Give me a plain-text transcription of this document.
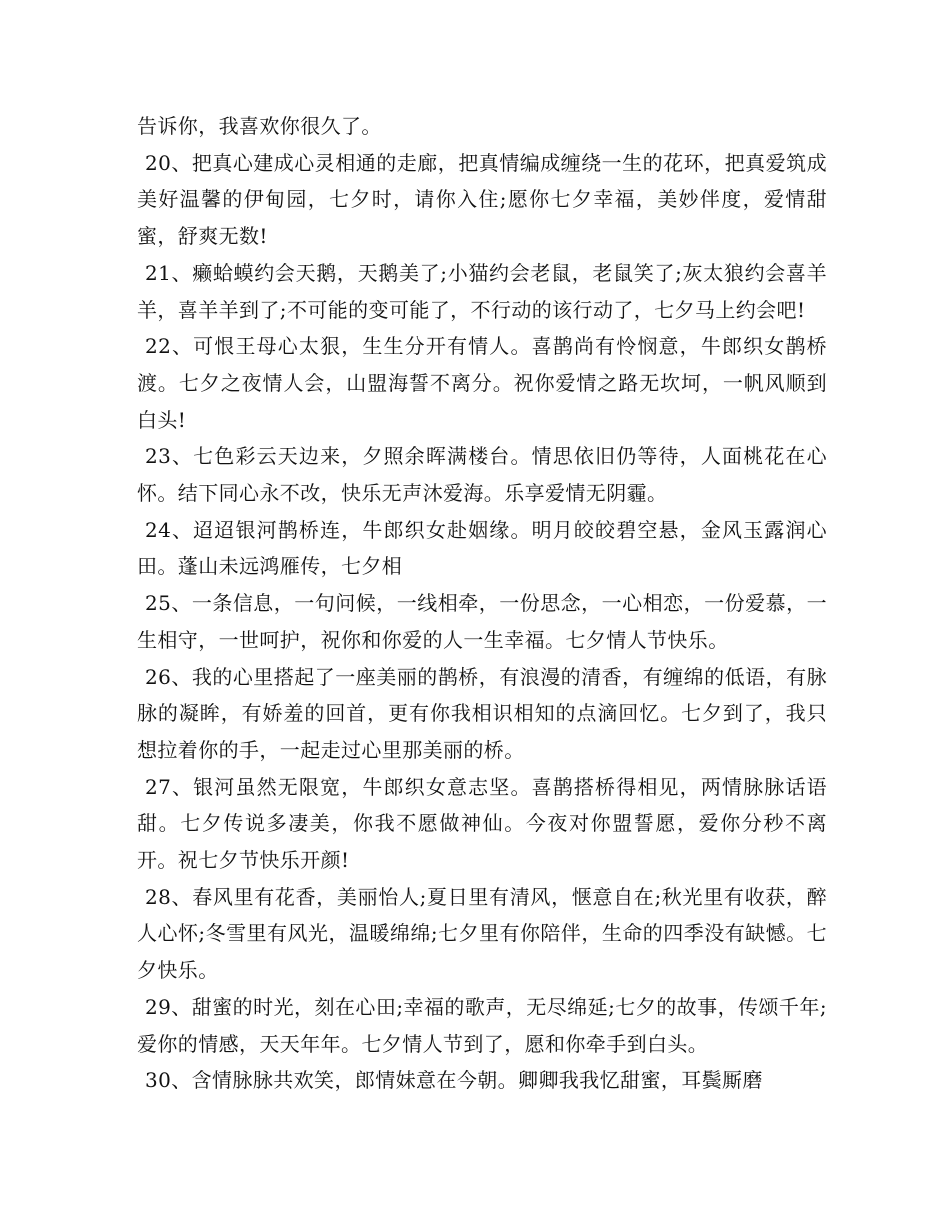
告诉你，我喜欢你很久了。

20、把真心建成心灵相通的走廊，把真情编成缠绕一生的花环，把真爱筑成美好温馨的伊甸园，七夕时，请你入住;愿你七夕幸福，美妙伴度，爱情甜蜜，舒爽无数!

21、癞蛤蟆约会天鹅，天鹅美了;小猫约会老鼠，老鼠笑了;灰太狼约会喜羊羊，喜羊羊到了;不可能的变可能了，不行动的该行动了，七夕马上约会吧!

22、可恨王母心太狠，生生分开有情人。喜鹊尚有怜悯意，牛郎织女鹊桥渡。七夕之夜情人会，山盟海誓不离分。祝你爱情之路无坎坷，一帆风顺到白头!

23、七色彩云天边来，夕照余晖满楼台。情思依旧仍等待，人面桃花在心怀。结下同心永不改，快乐无声沐爱海。乐享爱情无阴霾。

24、迢迢银河鹊桥连，牛郎织女赴姻缘。明月皎皎碧空悬，金风玉露润心田。蓬山未远鸿雁传，七夕相

25、一条信息，一句问候，一线相牵，一份思念，一心相恋，一份爱慕，一生相守，一世呵护，祝你和你爱的人一生幸福。七夕情人节快乐。

26、我的心里搭起了一座美丽的鹊桥，有浪漫的清香，有缠绵的低语，有脉脉的凝眸，有娇羞的回首，更有你我相识相知的点滴回忆。七夕到了，我只想拉着你的手，一起走过心里那美丽的桥。

27、银河虽然无限宽，牛郎织女意志坚。喜鹊搭桥得相见，两情脉脉话语甜。七夕传说多凄美，你我不愿做神仙。今夜对你盟誓愿，爱你分秒不离开。祝七夕节快乐开颜!

28、春风里有花香，美丽怡人;夏日里有清风，惬意自在;秋光里有收获，醉人心怀;冬雪里有风光，温暖绵绵;七夕里有你陪伴，生命的四季没有缺憾。七夕快乐。

29、甜蜜的时光，刻在心田;幸福的歌声，无尽绵延;七夕的故事，传颂千年;爱你的情感，天天年年。七夕情人节到了，愿和你牵手到白头。

30、含情脉脉共欢笑，郎情妹意在今朝。卿卿我我忆甜蜜，耳鬓厮磨
